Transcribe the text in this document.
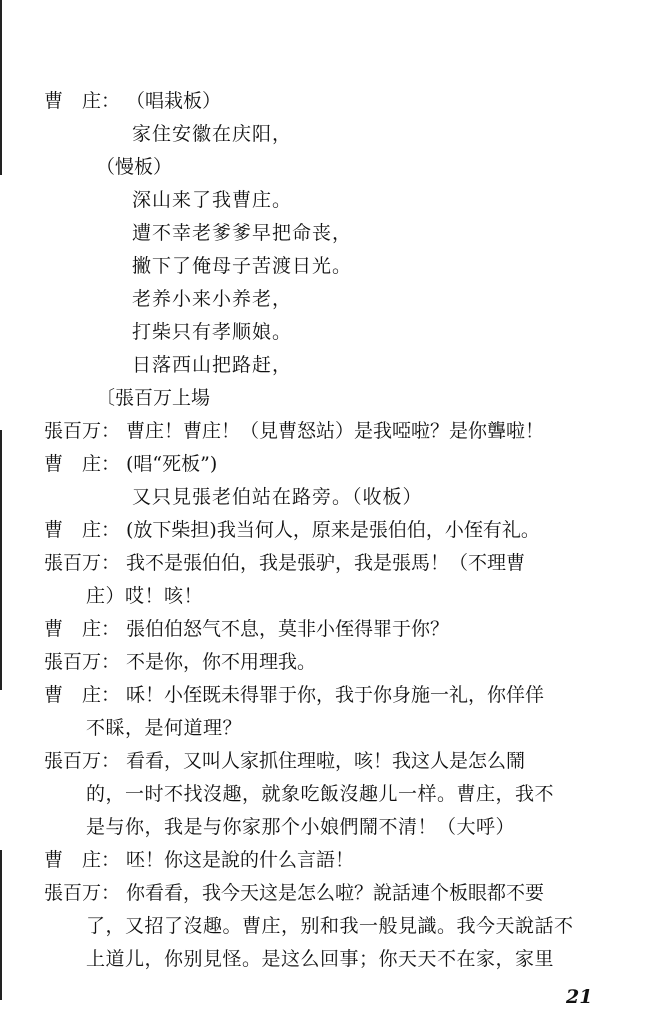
曹　庄： （唱栽板）
家住安徽在庆阳，
（慢板）
深山来了我曹庄。
遭不幸老爹爹早把命丧，
撇下了俺母子苦渡日光。
老养小来小养老，
打柴只有孝顺娘。
日落西山把路赶，
〔張百万上場
張百万： 曹庄！曹庄！（見曹怒站）是我啞啦？是你聾啦！
曹　庄： (唱“死板”)
又只見張老伯站在路旁。（收板）
曹　庄： (放下柴担)我当何人，原来是張伯伯，小侄有礼。
張百万： 我不是張伯伯，我是張驴，我是張馬！（不理曹
庄）哎！咳！
曹　庄： 張伯伯怒气不息，莫非小侄得罪于你？
張百万： 不是你，你不用理我。
曹　庄： 咊！小侄既未得罪于你，我于你身施一礼，你佯佯
不睬，是何道理？
張百万： 看看，又叫人家抓住理啦，咳！我这人是怎么鬧
的，一时不找沒趣，就象吃飯沒趣儿一样。曹庄，我不
是与你，我是与你家那个小娘們鬧不清！（大呼）
曹　庄： 呸！你这是說的什么言語！
張百万： 你看看，我今天这是怎么啦？說話連个板眼都不要
了，又招了沒趣。曹庄，别和我一般見識。我今天說話不
上道儿，你别見怪。是这么回事；你天天不在家，家里
21
